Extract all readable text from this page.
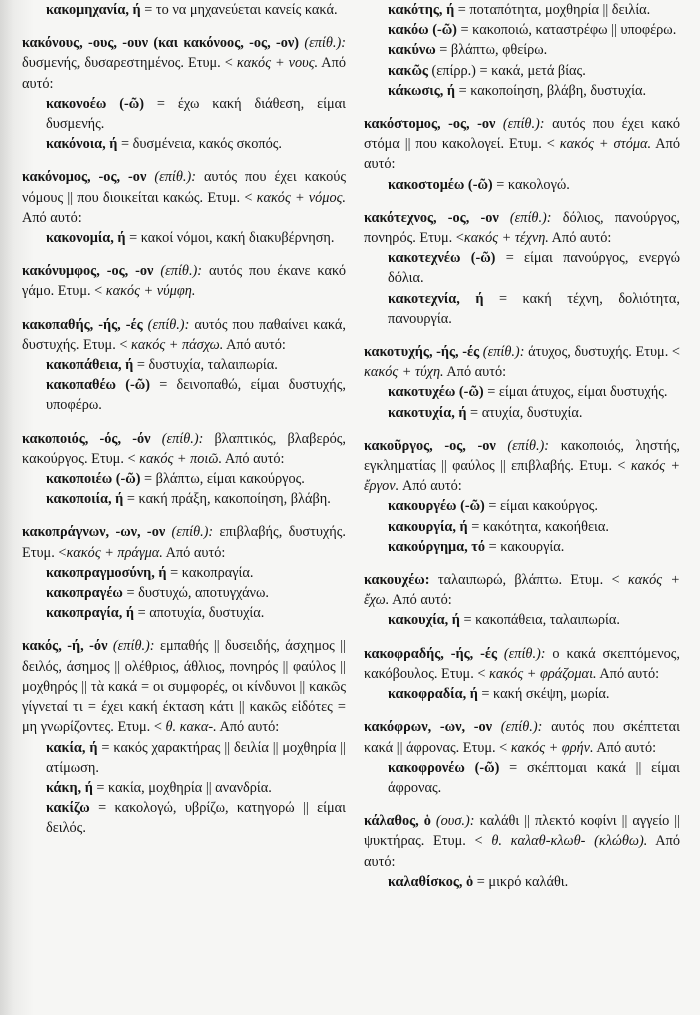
κακομηχανία, ή = το να μηχανεύεται κανείς κακά.
κακόνους, -ους, -ουν (και κακόνοος, -ος, -ον) (επίθ.): δυσμενής, δυσαρεστημένος. Ετυμ. < κακός + νους. Από αυτό:
κακονοέω (-ῶ) = έχω κακή διάθεση, είμαι δυσμενής.
κακόνοια, ή = δυσμένεια, κακός σκοπός.
κακόνομος, -ος, -ον (επίθ.): αυτός που έχει κακούς νόμους || που διοικείται κακώς. Ετυμ. < κακός + νόμος. Από αυτό:
κακονομία, ή = κακοί νόμοι, κακή διακυβέρνηση.
κακόνυμφος, -ος, -ον (επίθ.): αυτός που έκανε κακό γάμο. Ετυμ. < κακός + νύμφη.
κακοπαθής, -ής, -ές (επίθ.): αυτός που παθαίνει κακά, δυστυχής. Ετυμ. < κακός + πάσχω. Από αυτό:
κακοπάθεια, ή = δυστυχία, ταλαιπωρία.
κακοπαθέω (-ῶ) = δεινοπαθώ, είμαι δυστυχής, υποφέρω.
κακοποιός, -ός, -όν (επίθ.): βλαπτικός, βλαβερός, κακούργος. Ετυμ. < κακός + ποιῶ. Από αυτό:
κακοποιέω (-ῶ) = βλάπτω, είμαι κακούργος.
κακοποιία, ή = κακή πράξη, κακοποίηση, βλάβη.
κακοπράγνων, -ων, -ον (επίθ.): επιβλαβής, δυστυχής. Ετυμ. <κακός + πράγμα. Από αυτό:
κακοπραγμοσύνη, ή = κακοπραγία.
κακοπραγέω = δυστυχώ, αποτυγχάνω.
κακοπραγία, ή = αποτυχία, δυστυχία.
κακός, -ή, -όν (επίθ.): εμπαθής || δυσειδής, άσχημος || δειλός, άσημος || ολέθριος, άθλιος, πονηρός || φαύλος || μοχθηρός || τὰ κακά = οι συμφορές, οι κίνδυνοι || κακῶς γίγνεταί τι = έχει κακή έκταση κάτι || κακῶς εἰδότες = μη γνωρίζοντες. Ετυμ. < θ. κακα-. Από αυτό:
κακία, ή = κακός χαρακτήρας || δειλία || μοχθηρία || ατίμωση.
κάκη, ή = κακία, μοχθηρία || ανανδρία.
κακίζω = κακολογώ, υβρίζω, κατηγορώ || είμαι δειλός.
κακότης, ή = ποταπότητα, μοχθηρία || δειλία.
κακόω (-ῶ) = κακοποιώ, καταστρέφω || υποφέρω.
κακύνω = βλάπτω, φθείρω.
κακῶς (επίρρ.) = κακά, μετά βίας.
κάκωσις, ή = κακοποίηση, βλάβη, δυστυχία.
κακόστομος, -ος, -ον (επίθ.): αυτός που έχει κακό στόμα || που κακολογεί. Ετυμ. < κακός + στόμα. Από αυτό:
κακοστομέω (-ῶ) = κακολογώ.
κακότεχνος, -ος, -ον (επίθ.): δόλιος, πανούργος, πονηρός. Ετυμ. <κακός + τέχνη. Από αυτό:
κακοτεχνέω (-ῶ) = είμαι πανούργος, ενεργώ δόλια.
κακοτεχνία, ή = κακή τέχνη, δολιότητα, πανουργία.
κακοτυχής, -ής, -ές (επίθ.): άτυχος, δυστυχής. Ετυμ. < κακός + τύχη. Από αυτό:
κακοτυχέω (-ῶ) = είμαι άτυχος, είμαι δυστυχής.
κακοτυχία, ή = ατυχία, δυστυχία.
κακοῦργος, -ος, -ον (επίθ.): κακοποιός, ληστής, εγκληματίας || φαύλος || επιβλαβής. Ετυμ. < κακός + ἔργον. Από αυτό:
κακουργέω (-ῶ) = είμαι κακούργος.
κακουργία, ή = κακότητα, κακοήθεια.
κακούργημα, τό = κακουργία.
κακουχέω: ταλαιπωρώ, βλάπτω. Ετυμ. < κακός + ἔχω. Από αυτό:
κακουχία, ή = κακοπάθεια, ταλαιπωρία.
κακοφραδής, -ής, -ές (επίθ.): ο κακά σκεπτόμενος, κακόβουλος. Ετυμ. < κακός + φράζομαι. Από αυτό:
κακοφραδία, ή = κακή σκέψη, μωρία.
κακόφρων, -ων, -ον (επίθ.): αυτός που σκέπτεται κακά || άφρονας. Ετυμ. < κακός + φρήν. Από αυτό:
κακοφρονέω (-ῶ) = σκέπτομαι κακά || είμαι άφρονας.
κάλαθος, ὁ (ουσ.): καλάθι || πλεκτό κοφίνι || αγγείο || ψυκτήρας. Ετυμ. < θ. καλαθ-κλωθ- (κλώθω). Από αυτό:
καλαθίσκος, ὁ = μικρό καλάθι.
